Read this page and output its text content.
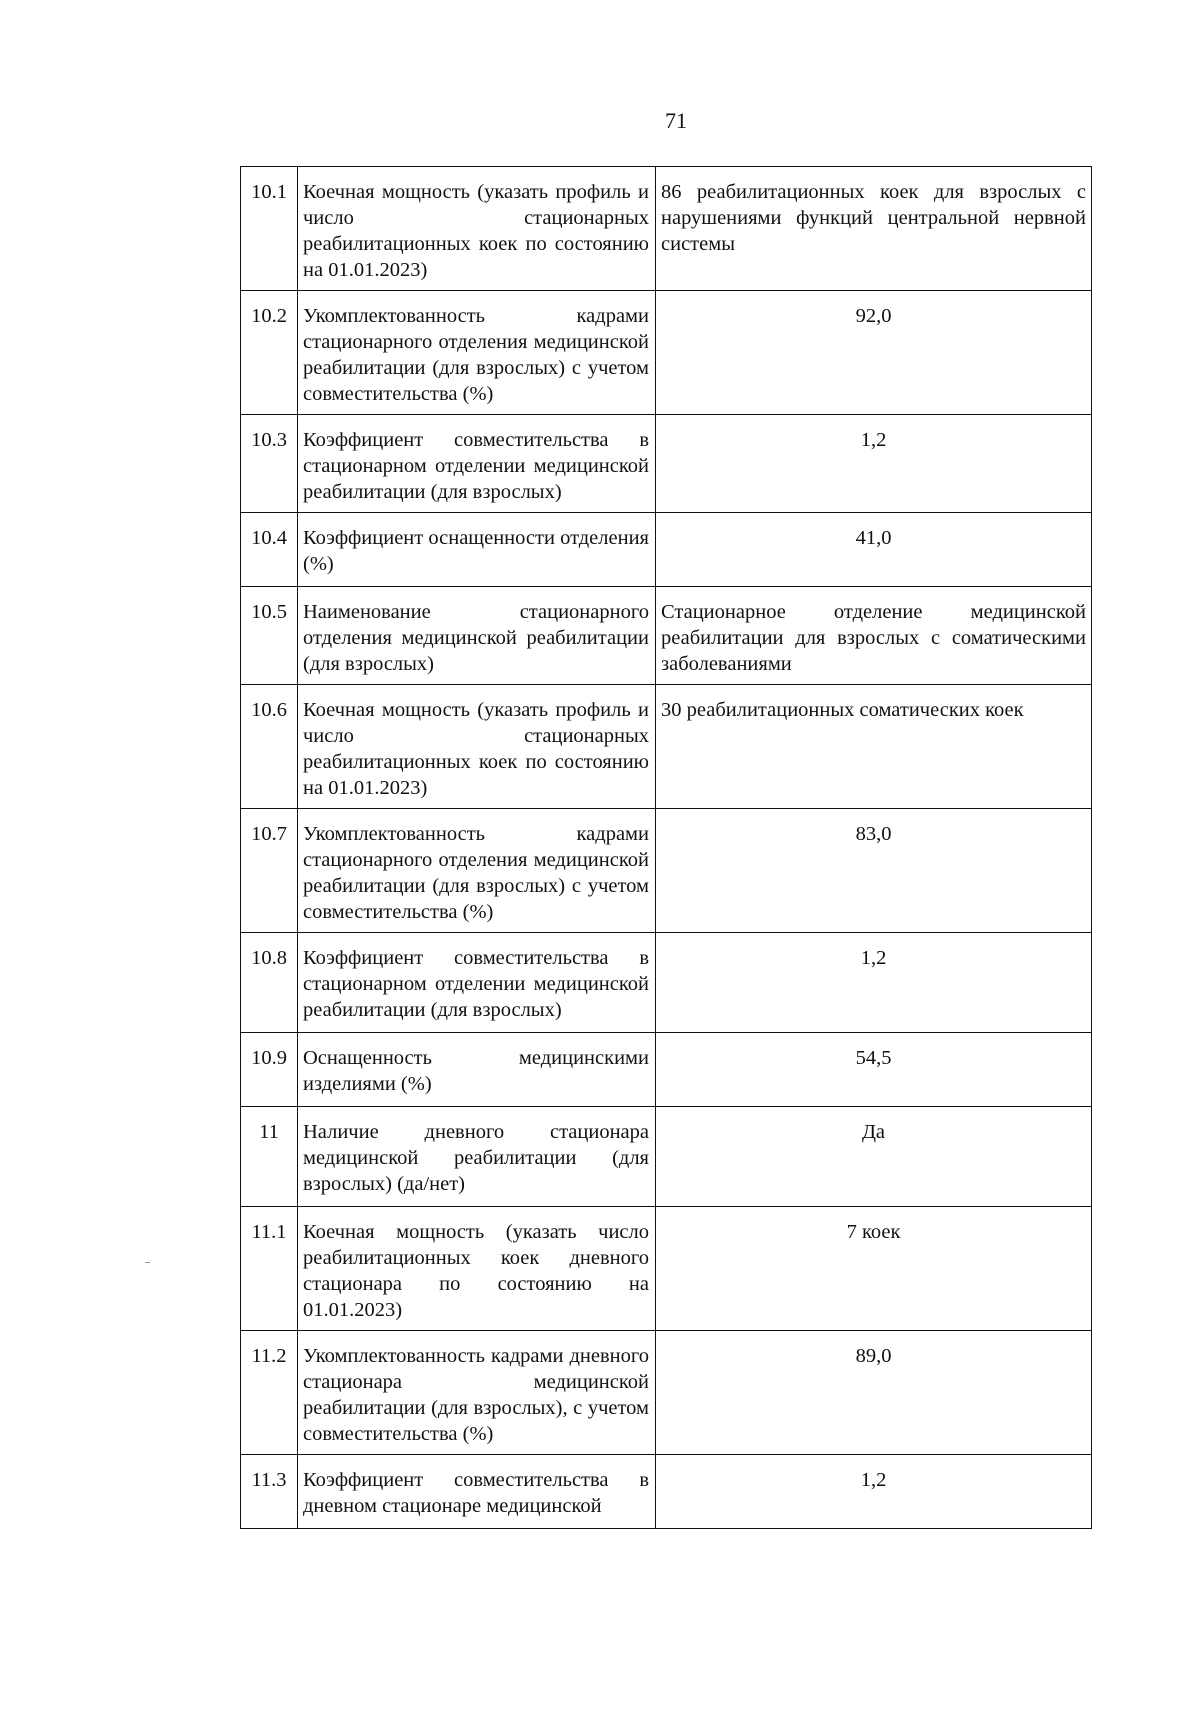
71
10.1	Коечная мощность (указать профиль и число стационарных реабилитационных коек по состоянию на 01.01.2023)	86 реабилитационных коек для взрослых с нарушениями функций центральной нервной системы
10.2	Укомплектованность кадрами стационарного отделения медицинской реабилитации (для взрослых) с учетом совместительства (%)	92,0
10.3	Коэффициент совместительства в стационарном отделении медицинской реабилитации (для взрослых)	1,2
10.4	Коэффициент оснащенности отделения (%)	41,0
10.5	Наименование стационарного отделения медицинской реабилитации (для взрослых)	Стационарное отделение медицинской реабилитации для взрослых с соматическими заболеваниями
10.6	Коечная мощность (указать профиль и число стационарных реабилитационных коек по состоянию на 01.01.2023)	30 реабилитационных соматических коек
10.7	Укомплектованность кадрами стационарного отделения медицинской реабилитации (для взрослых) с учетом совместительства (%)	83,0
10.8	Коэффициент совместительства в стационарном отделении медицинской реабилитации (для взрослых)	1,2
10.9	Оснащенность медицинскими изделиями (%)	54,5
11	Наличие дневного стационара медицинской реабилитации (для взрослых) (да/нет)	Да
11.1	Коечная мощность (указать число реабилитационных коек дневного стационара по состоянию на 01.01.2023)	7 коек
11.2	Укомплектованность кадрами дневного стационара медицинской реабилитации (для взрослых), с учетом совместительства (%)	89,0
11.3	Коэффициент совместительства в дневном стационаре медицинской	1,2
